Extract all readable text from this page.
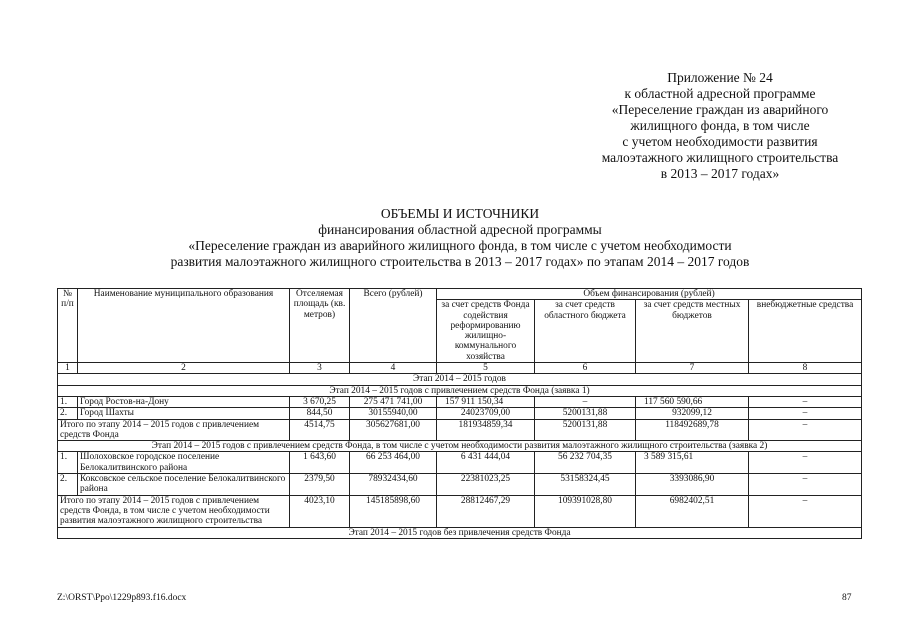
Приложение № 24
к областной адресной программе
«Переселение граждан из аварийного
жилищного фонда, в том числе
с учетом необходимости развития
малоэтажного жилищного строительства
в 2013 – 2017 годах»
ОБЪЕМЫ И ИСТОЧНИКИ
финансирования областной адресной программы
«Переселение граждан из аварийного жилищного фонда, в том числе с учетом необходимости
развития малоэтажного жилищного строительства в 2013 – 2017 годах» по этапам 2014 – 2017 годов
№ п/п	Наименование муниципального образования	Отселяемая площадь (кв. метров)	Всего (рублей)	Объем финансирования (рублей)			
				за счет средств Фонда содействия реформированию жилищно-коммунального хозяйства	за счет средств областного бюджета	за счет средств местных бюджетов	внебюджетные средства
1	2	3	4	5	6	7	8
Этап 2014 – 2015 годов							
Этап 2014 – 2015 годов с привлечением средств Фонда (заявка 1)							
1.	Город Ростов-на-Дону	3 670,25	275 471 741,00	157 911 150,34	–	117 560 590,66	–
2.	Город Шахты	844,50	30155940,00	24023709,00	5200131,88	932099,12	–
Итого по этапу 2014 – 2015 годов с привлечением средств Фонда		4514,75	305627681,00	181934859,34	5200131,88	118492689,78	–
Этап 2014 – 2015 годов с привлечением средств Фонда, в том числе с учетом необходимости развития малоэтажного жилищного строительства (заявка 2)							
1.	Шолоховское городское поселение Белокалитвинского района	1 643,60	66 253 464,00	6 431 444,04	56 232 704,35	3 589 315,61	–
2.	Коксовское сельское поселение Белокалитвинского района	2379,50	78932434,60	22381023,25	53158324,45	3393086,90	–
Итого по этапу 2014 – 2015 годов с привлечением средств Фонда, в том числе с учетом необходимости развития малоэтажного жилищного строительства		4023,10	145185898,60	28812467,29	109391028,80	6982402,51	–
Этап 2014 – 2015 годов без привлечения средств Фонда							
Z:\ORST\Ppo\1229p893.f16.docx	87
